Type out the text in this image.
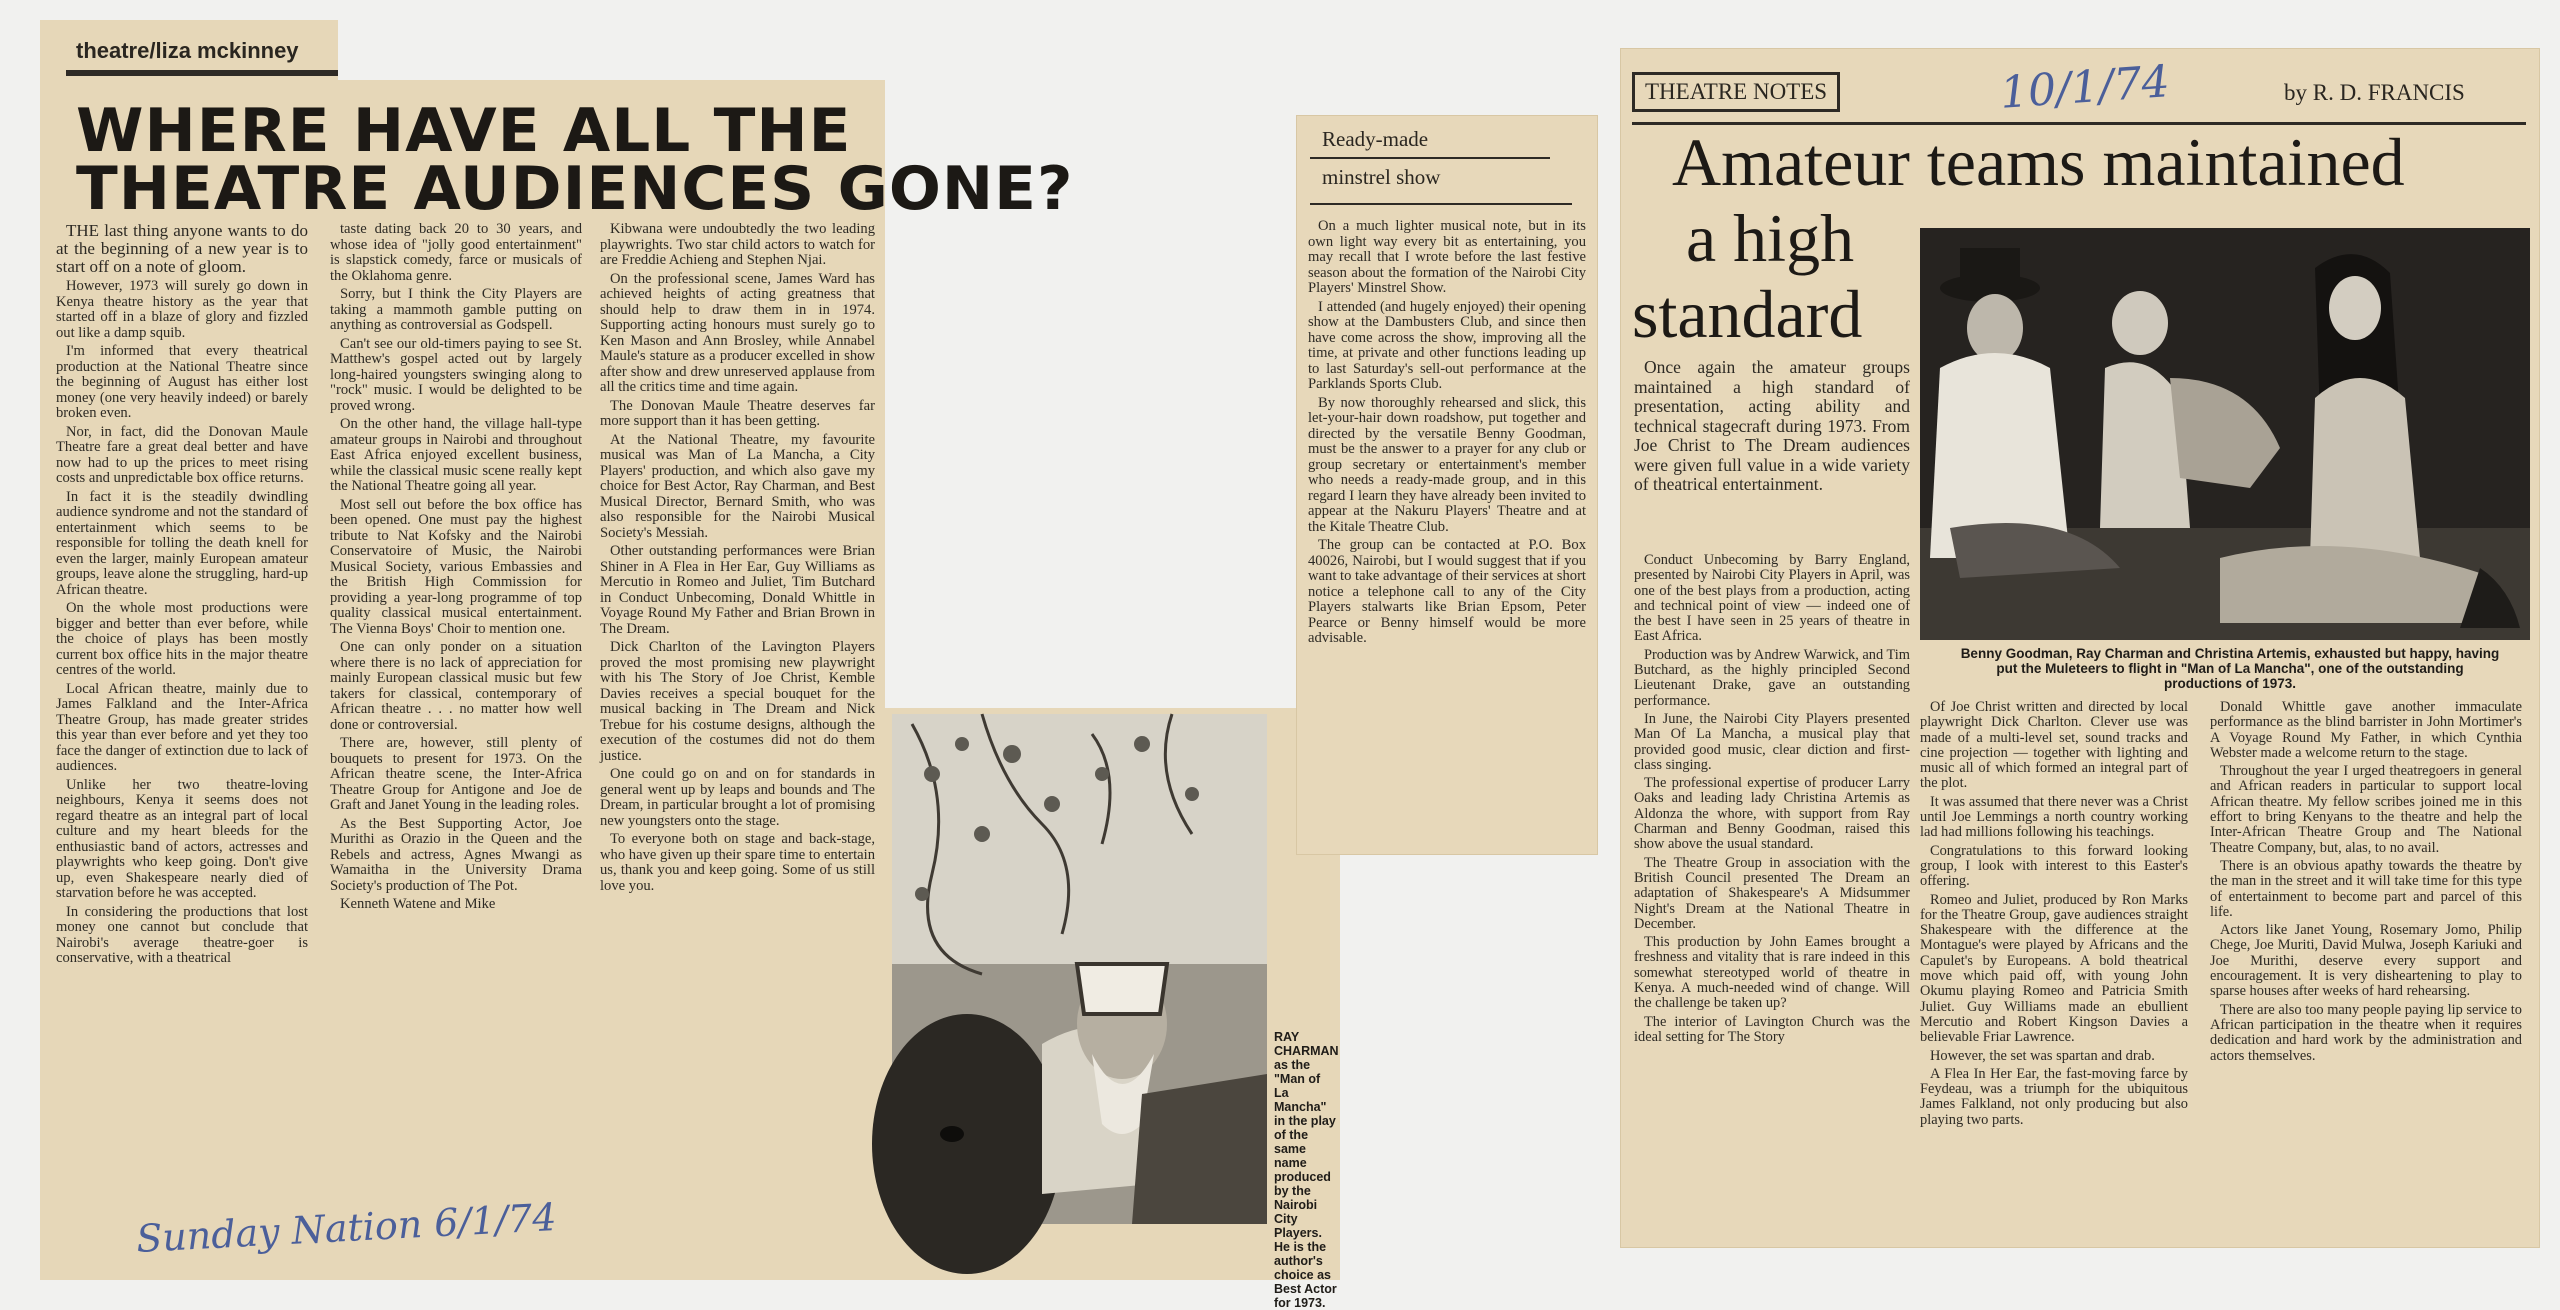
theatre/liza mckinney
WHERE HAVE ALL THE
THEATRE AUDIENCES GONE?

THE last thing anyone wants to do at the beginning of a new year is to start off on a note of gloom.

However, 1973 will surely go down in Kenya theatre history as the year that started off in a blaze of glory and fizzled out like a damp squib.

I'm informed that every theatrical production at the National Theatre since the beginning of August has either lost money (one very heavily indeed) or barely broken even.

Nor, in fact, did the Donovan Maule Theatre fare a great deal better and have now had to up the prices to meet rising costs and unpredictable box office returns.

In fact it is the steadily dwindling audience syndrome and not the standard of entertainment which seems to be responsible for tolling the death knell for even the larger, mainly European amateur groups, leave alone the struggling, hard-up African theatre.

On the whole most productions were bigger and better than ever before, while the choice of plays has been mostly current box office hits in the major theatre centres of the world.

Local African theatre, mainly due to James Falkland and the Inter-Africa Theatre Group, has made greater strides this year than ever before and yet they too face the danger of extinction due to lack of audiences.

Unlike her two theatre-loving neighbours, Kenya it seems does not regard theatre as an integral part of local culture and my heart bleeds for the enthusiastic band of actors, actresses and playwrights who keep going. Don't give up, even Shakespeare nearly died of starvation before he was accepted.

In considering the productions that lost money one cannot but conclude that Nairobi's average theatre-goer is conservative, with a theatrical

taste dating back 20 to 30 years, and whose idea of "jolly good entertainment" is slapstick comedy, farce or musicals of the Oklahoma genre.

Sorry, but I think the City Players are taking a mammoth gamble putting on anything as controversial as Godspell.

Can't see our old-timers paying to see St. Matthew's gospel acted out by largely long-haired youngsters swinging along to "rock" music. I would be delighted to be proved wrong.

On the other hand, the village hall-type amateur groups in Nairobi and throughout East Africa enjoyed excellent business, while the classical music scene really kept the National Theatre going all year.

Most sell out before the box office has been opened. One must pay the highest tribute to Nat Kofsky and the Nairobi Conservatoire of Music, the Nairobi Musical Society, various Embassies and the British High Commission for providing a year-long programme of top quality classical musical entertainment. The Vienna Boys' Choir to mention one.

One can only ponder on a situation where there is no lack of appreciation for mainly European classical music but few takers for classical, contemporary of African theatre . . . no matter how well done or controversial.

There are, however, still plenty of bouquets to present for 1973. On the African theatre scene, the Inter-Africa Theatre Group for Antigone and Joe de Graft and Janet Young in the leading roles.

As the Best Supporting Actor, Joe Murithi as Orazio in the Queen and the Rebels and actress, Agnes Mwangi as Wamaitha in the University Drama Society's production of The Pot.

Kenneth Watene and Mike

Kibwana were undoubtedly the two leading playwrights. Two star child actors to watch for are Freddie Achieng and Stephen Njai.

On the professional scene, James Ward has achieved heights of acting greatness that should help to draw them in in 1974. Supporting acting honours must surely go to Ken Mason and Ann Brosley, while Annabel Maule's stature as a producer excelled in show after show and drew unreserved applause from all the critics time and time again.

The Donovan Maule Theatre deserves far more support than it has been getting.

At the National Theatre, my favourite musical was Man of La Mancha, a City Players' production, and which also gave my choice for Best Actor, Ray Charman, and Best Musical Director, Bernard Smith, who was also responsible for the Nairobi Musical Society's Messiah.

Other outstanding performances were Brian Shiner in A Flea in Her Ear, Guy Williams as Mercutio in Romeo and Juliet, Tim Butchard in Conduct Unbecoming, Donald Whittle in Voyage Round My Father and Brian Brown in The Dream.

Dick Charlton of the Lavington Players proved the most promising new playwright with his The Story of Joe Christ, Kemble Davies receives a special bouquet for the musical backing in The Dream and Nick Trebue for his costume designs, although the execution of the costumes did not do them justice.

One could go on and on for standards in general went up by leaps and bounds and The Dream, in particular brought a lot of promising new youngsters onto the stage.

To everyone both on stage and back-stage, who have given up their spare time to entertain us, thank you and keep going. Some of us still love you.

RAY CHARMAN as the "Man of La Mancha" in the play of the same name produced by the Nairobi City Players. He is the author's choice as Best Actor for 1973.
Sunday Nation 6/1/74
Ready-made
minstrel show

On a much lighter musical note, but in its own light way every bit as entertaining, you may recall that I wrote before the last festive season about the formation of the Nairobi City Players' Minstrel Show.

I attended (and hugely enjoyed) their opening show at the Dambusters Club, and since then have come across the show, improving all the time, at private and other functions leading up to last Saturday's sell-out performance at the Parklands Sports Club.

By now thoroughly rehearsed and slick, this let-your-hair down roadshow, put together and directed by the versatile Benny Goodman, must be the answer to a prayer for any club or group secretary or entertainment's member who needs a ready-made group, and in this regard I learn they have already been invited to appear at the Nakuru Players' Theatre and at the Kitale Theatre Club.

The group can be contacted at P.O. Box 40026, Nairobi, but I would suggest that if you want to take advantage of their services at short notice a telephone call to any of the City Players stalwarts like Brian Epsom, Peter Pearce or Benny himself would be more advisable.

THEATRE NOTES	10/1/74	by R. D. FRANCIS
Amateur teams maintained
a high
standard

Once again the amateur groups maintained a high standard of presentation, acting ability and technical stagecraft during 1973. From Joe Christ to The Dream audiences were given full value in a wide variety of theatrical entertainment.

Conduct Unbecoming by Barry England, presented by Nairobi City Players in April, was one of the best plays from a production, acting and technical point of view — indeed one of the best I have seen in 25 years of theatre in East Africa.

Production was by Andrew Warwick, and Tim Butchard, as the highly principled Second Lieutenant Drake, gave an outstanding performance.

In June, the Nairobi City Players presented Man Of La Mancha, a musical play that provided good music, clear diction and first-class singing.

The professional expertise of producer Larry Oaks and leading lady Christina Artemis as Aldonza the whore, with support from Ray Charman and Benny Goodman, raised this show above the usual standard.

The Theatre Group in association with the British Council presented The Dream an adaptation of Shakespeare's A Midsummer Night's Dream at the National Theatre in December.

This production by John Eames brought a freshness and vitality that is rare indeed in this somewhat stereotyped world of theatre in Kenya. A much-needed wind of change. Will the challenge be taken up?

The interior of Lavington Church was the ideal setting for The Story

Benny Goodman, Ray Charman and Christina Artemis, exhausted but happy, having put the Muleteers to flight in "Man of La Mancha", one of the outstanding productions of 1973.

Of Joe Christ written and directed by local playwright Dick Charlton. Clever use was made of a multi-level set, sound tracks and cine projection — together with lighting and music all of which formed an integral part of the plot.

It was assumed that there never was a Christ until Joe Lemmings a north country working lad had millions following his teachings.

Congratulations to this forward looking group, I look with interest to this Easter's offering.

Romeo and Juliet, produced by Ron Marks for the Theatre Group, gave audiences straight Shakespeare with the difference at the Montague's were played by Africans and the Capulet's by Europeans. A bold theatrical move which paid off, with young John Okumu playing Romeo and Patricia Smith Juliet. Guy Williams made an ebullient Mercutio and Robert Kingson Davies a believable Friar Lawrence.

However, the set was spartan and drab.

A Flea In Her Ear, the fast-moving farce by Feydeau, was a triumph for the ubiquitous James Falkland, not only producing but also playing two parts.

Donald Whittle gave another immaculate performance as the blind barrister in John Mortimer's A Voyage Round My Father, in which Cynthia Webster made a welcome return to the stage.

Throughout the year I urged theatregoers in general and African readers in particular to support local African theatre. My fellow scribes joined me in this effort to bring Kenyans to the theatre and help the Inter-African Theatre Group and The National Theatre Company, but, alas, to no avail.

There is an obvious apathy towards the theatre by the man in the street and it will take time for this type of entertainment to become part and parcel of this life.

Actors like Janet Young, Rosemary Jomo, Philip Chege, Joe Muriti, David Mulwa, Joseph Kariuki and Joe Murithi, deserve every support and encouragement. It is very disheartening to play to sparse houses after weeks of hard rehearsing.

There are also too many people paying lip service to African participation in the theatre when it requires dedication and hard work by the administration and actors themselves.
